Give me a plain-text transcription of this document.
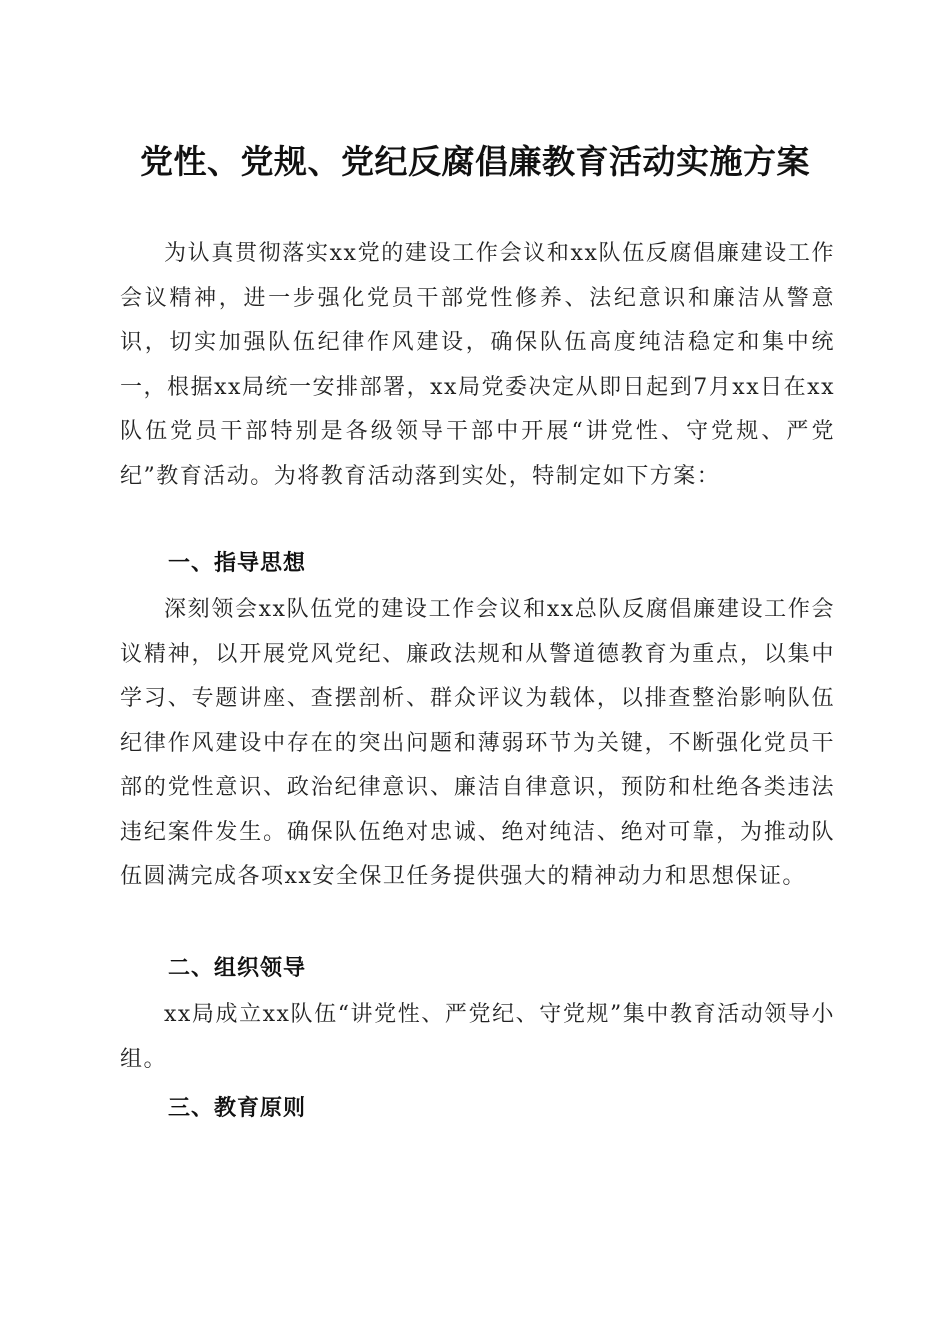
党性、党规、党纪反腐倡廉教育活动实施方案

为认真贯彻落实xx党的建设工作会议和xx队伍反腐倡廉建设工作会议精神，进一步强化党员干部党性修养、法纪意识和廉洁从警意识，切实加强队伍纪律作风建设，确保队伍高度纯洁稳定和集中统一，根据xx局统一安排部署，xx局党委决定从即日起到7月xx日在xx队伍党员干部特别是各级领导干部中开展“讲党性、守党规、严党纪”教育活动。为将教育活动落到实处，特制定如下方案：

一、指导思想

深刻领会xx队伍党的建设工作会议和xx总队反腐倡廉建设工作会议精神，以开展党风党纪、廉政法规和从警道德教育为重点，以集中学习、专题讲座、查摆剖析、群众评议为载体，以排查整治影响队伍纪律作风建设中存在的突出问题和薄弱环节为关键，不断强化党员干部的党性意识、政治纪律意识、廉洁自律意识，预防和杜绝各类违法违纪案件发生。确保队伍绝对忠诚、绝对纯洁、绝对可靠，为推动队伍圆满完成各项xx安全保卫任务提供强大的精神动力和思想保证。

二、组织领导

xx局成立xx队伍“讲党性、严党纪、守党规”集中教育活动领导小组。

三、教育原则
